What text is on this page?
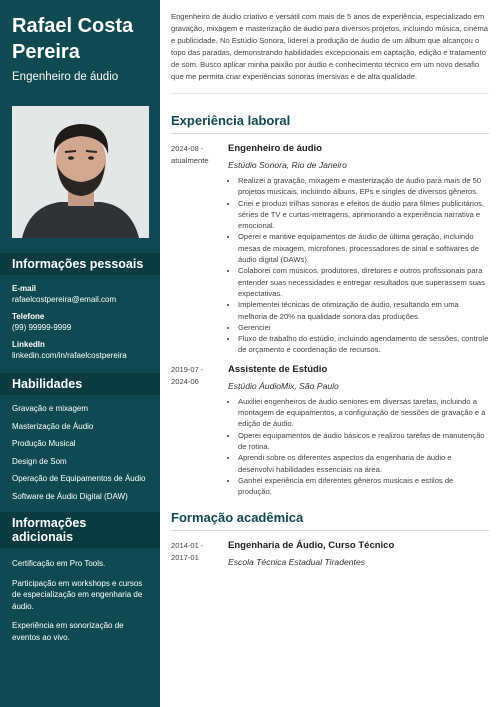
Rafael Costa
Pereira

Engenheiro de áudio

Informações pessoais

E-mail

rafaelcostpereira@email.com

Telefone

(99) 99999-9999

LinkedIn

linkedin.com/in/rafaelcostpereira

Habilidades
Gravação e mixagem
Masterização de Áudio
Produção Musical
Design de Som
Operação de Equipamentos de Áudio
Software de Áudio Digital (DAW)
Informações adicionais

Certificação em Pro Tools.

Participação em workshops e cursos de especialização em engenharia de áudio.

Experiência em sonorização de eventos ao vivo.

Engenheiro de áudio criativo e versátil com mais de 5 anos de experiência, especializado em gravação, mixagem e masterização de áudio para diversos projetos, incluindo música, cinema e publicidade. No Estúdio Sonora, liderei a produção de áudio de um álbum que alcançou o topo das paradas, demonstrando habilidades excepcionais em captação, edição e tratamento de som. Busco aplicar minha paixão por áudio e conhecimento técnico em um novo desafio que me permita criar experiências sonoras imersivas e de alta qualidade.

Experiência laboral
2024-08 - atualmente
Engenheiro de áudio
Estúdio Sonora, Rio de Janeiro
• Realizei a gravação, mixagem e masterização de áudio para mais de 50 projetos musicais, incluindo álbuns, EPs e singles de diversos gêneros.
• Criei e produzi trilhas sonoras e efeitos de áudio para filmes publicitários, séries de TV e curtas-metragens, aprimorando a experiência narrativa e emocional.
• Operei e mantive equipamentos de áudio de última geração, incluindo mesas de mixagem, microfones, processadores de sinal e softwares de áudio digital (DAWs).
• Colaborei com músicos, produtores, diretores e outros profissionais para entender suas necessidades e entregar resultados que superassem suas expectativas.
• Implementei técnicas de otimização de áudio, resultando em uma melhoria de 20% na qualidade sonora das produções.
• Gerenciei
• Fluxo de trabalho do estúdio, incluindo agendamento de sessões, controle de orçamento e coordenação de recursos.
2019-07 - 2024-06
Assistente de Estúdio
Estúdio ÁudioMix, São Paulo
• Auxiliei engenheiros de áudio seniores em diversas tarefas, incluindo a montagem de equipamentos, a configuração de sessões de gravação e a edição de áudio.
• Operei equipamentos de áudio básicos e realizou tarefas de manutenção de rotina.
• Aprendi sobre os diferentes aspectos da engenharia de áudio e desenvolvi habilidades essenciais na área.
• Ganhei experiência em diferentes gêneros musicais e estilos de produção.
Formação acadêmica
2014-01 - 2017-01
Engenharia de Áudio, Curso Técnico
Escola Técnica Estadual Tiradentes
